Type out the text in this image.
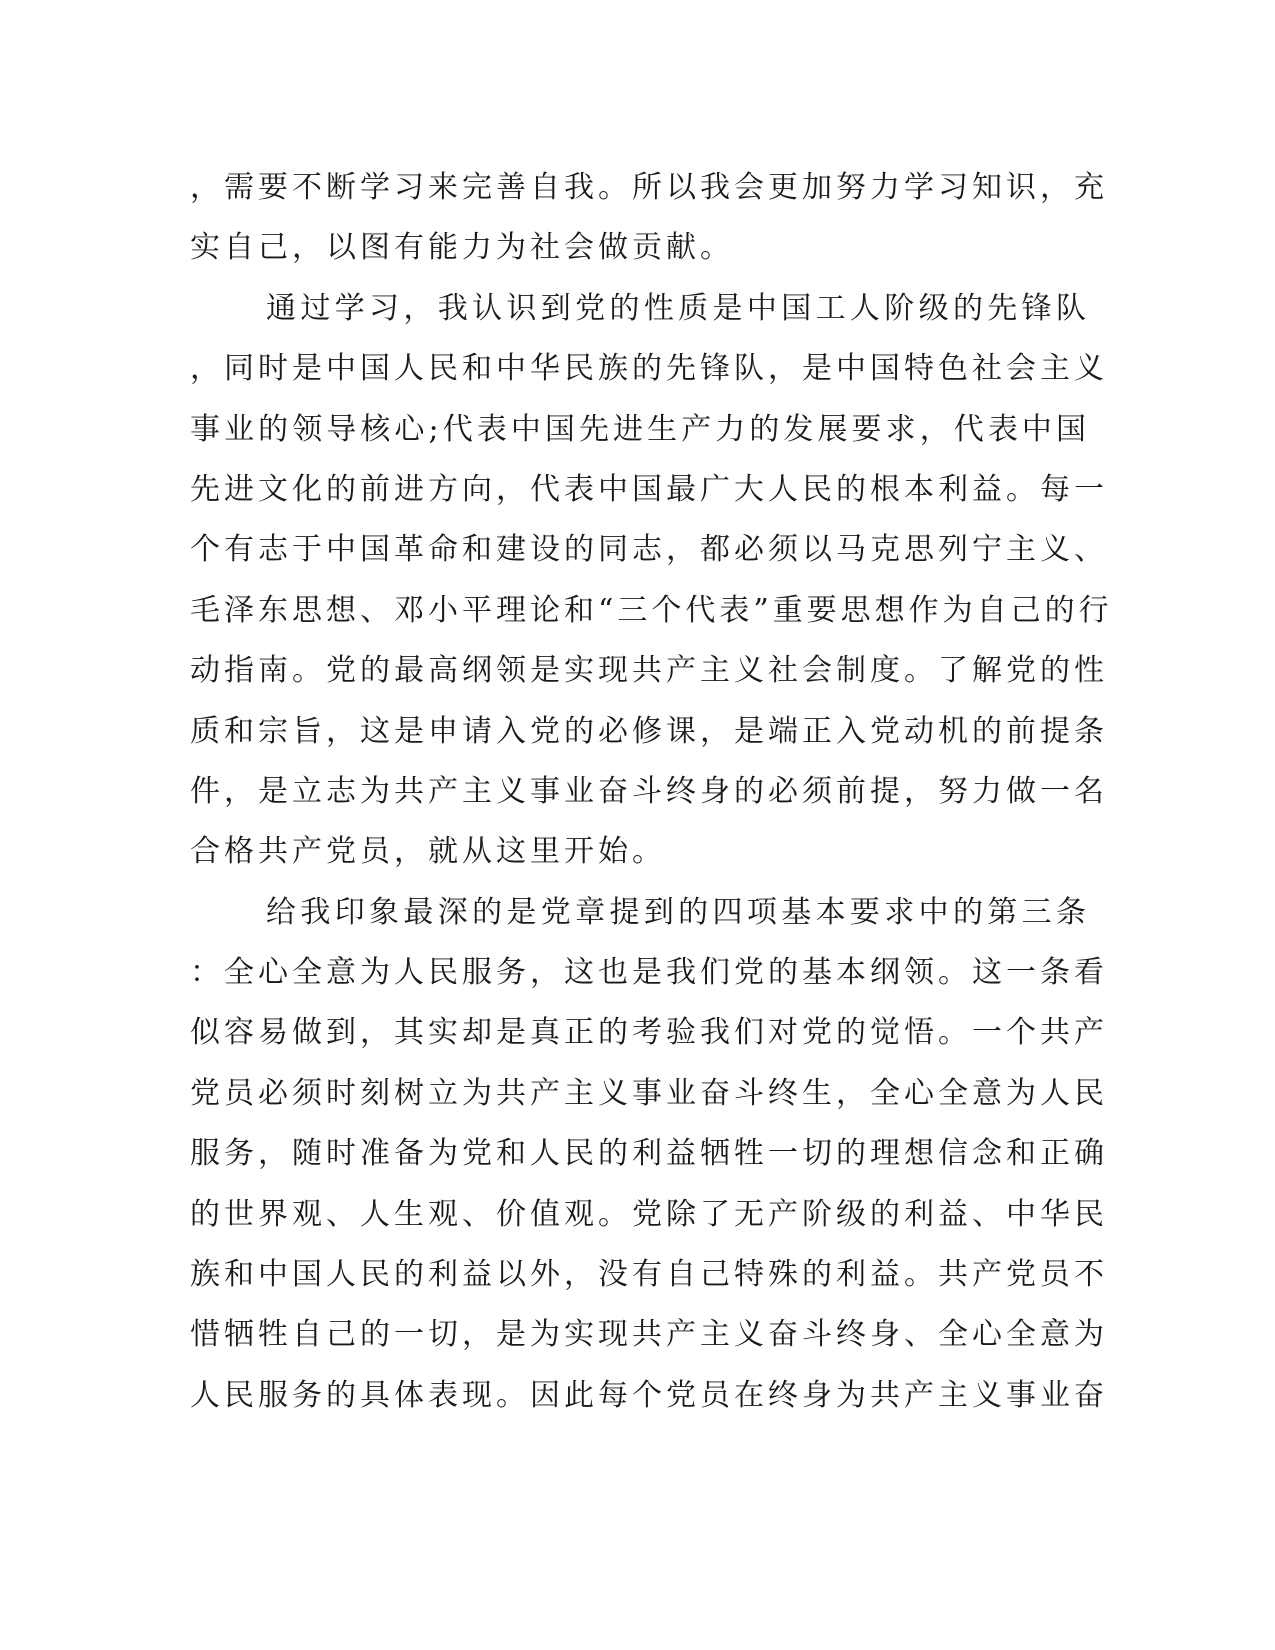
，需要不断学习来完善自我。所以我会更加努力学习知识，充
实自己，以图有能力为社会做贡献。
通过学习，我认识到党的性质是中国工人阶级的先锋队
，同时是中国人民和中华民族的先锋队，是中国特色社会主义
事业的领导核心;代表中国先进生产力的发展要求，代表中国
先进文化的前进方向，代表中国最广大人民的根本利益。每一
个有志于中国革命和建设的同志，都必须以马克思列宁主义、
毛泽东思想、邓小平理论和“三个代表”重要思想作为自己的行
动指南。党的最高纲领是实现共产主义社会制度。了解党的性
质和宗旨，这是申请入党的必修课，是端正入党动机的前提条
件，是立志为共产主义事业奋斗终身的必须前提，努力做一名
合格共产党员，就从这里开始。
给我印象最深的是党章提到的四项基本要求中的第三条
：全心全意为人民服务，这也是我们党的基本纲领。这一条看
似容易做到，其实却是真正的考验我们对党的觉悟。一个共产
党员必须时刻树立为共产主义事业奋斗终生，全心全意为人民
服务，随时准备为党和人民的利益牺牲一切的理想信念和正确
的世界观、人生观、价值观。党除了无产阶级的利益、中华民
族和中国人民的利益以外，没有自己特殊的利益。共产党员不
惜牺牲自己的一切，是为实现共产主义奋斗终身、全心全意为
人民服务的具体表现。因此每个党员在终身为共产主义事业奋
